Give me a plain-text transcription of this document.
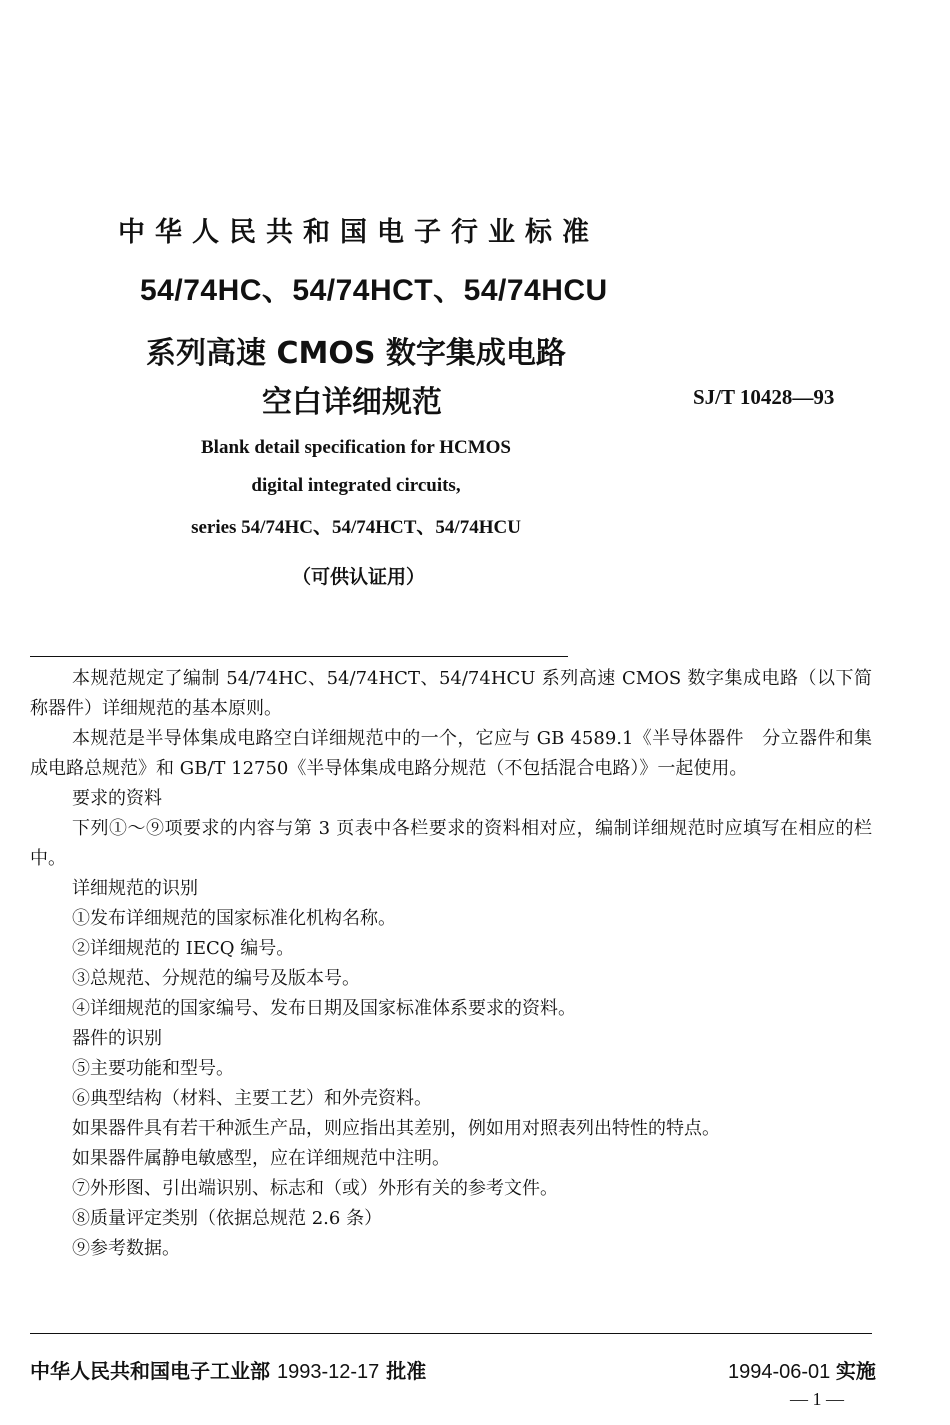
中华人民共和国电子行业标准
54/74HC、54/74HCT、54/74HCU
系列高速 CMOS 数字集成电路
空白详细规范	SJ/T 10428—93
Blank detail specification for HCMOS
digital integrated circuits,
series 54/74HC、54/74HCT、54/74HCU
（可供认证用）

本规范规定了编制 54/74HC、54/74HCT、54/74HCU 系列高速 CMOS 数字集成电路（以下简称器件）详细规范的基本原则。

本规范是半导体集成电路空白详细规范中的一个，它应与 GB 4589.1《半导体器件　分立器件和集成电路总规范》和 GB/T 12750《半导体集成电路分规范（不包括混合电路）》一起使用。

要求的资料

下列①～⑨项要求的内容与第 3 页表中各栏要求的资料相对应，编制详细规范时应填写在相应的栏中。

详细规范的识别

①发布详细规范的国家标准化机构名称。

②详细规范的 IECQ 编号。

③总规范、分规范的编号及版本号。

④详细规范的国家编号、发布日期及国家标准体系要求的资料。

器件的识别

⑤主要功能和型号。

⑥典型结构（材料、主要工艺）和外壳资料。

如果器件具有若干种派生产品，则应指出其差别，例如用对照表列出特性的特点。

如果器件属静电敏感型，应在详细规范中注明。

⑦外形图、引出端识别、标志和（或）外形有关的参考文件。

⑧质量评定类别（依据总规范 2.6 条）

⑨参考数据。

中华人民共和国电子工业部 1993-12-17 批准	1994-06-01 实施
— 1 —
